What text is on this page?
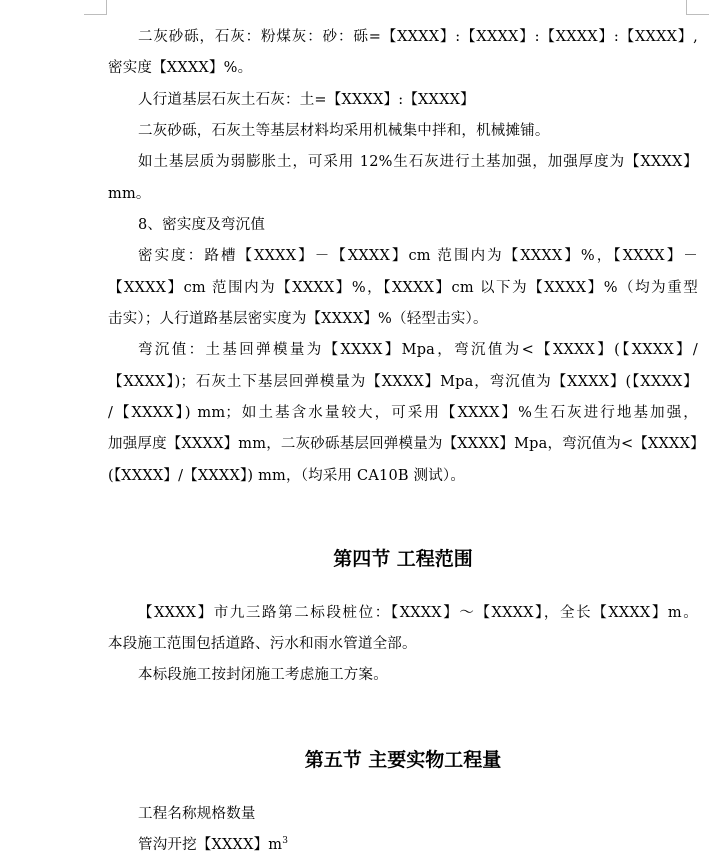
二灰砂砾，石灰：粉煤灰：砂：砾=【XXXX】:【XXXX】:【XXXX】:【XXXX】,
密实度【XXXX】%。
人行道基层石灰土石灰：土=【XXXX】:【XXXX】
二灰砂砾，石灰土等基层材料均采用机械集中拌和，机械摊铺。
如土基层质为弱膨胀土，可采用 12%生石灰进行土基加强，加强厚度为【XXXX】
mm。
8、密实度及弯沉值
密实度：路槽【XXXX】－【XXXX】cm 范围内为【XXXX】%，【XXXX】－
【XXXX】cm 范围内为【XXXX】%，【XXXX】cm 以下为【XXXX】%（均为重型
击实）；人行道路基层密实度为【XXXX】%（轻型击实）。
弯沉值：土基回弹模量为【XXXX】Mpa，弯沉值为<【XXXX】(【XXXX】/
【XXXX】)；石灰土下基层回弹模量为【XXXX】Mpa，弯沉值为【XXXX】(【XXXX】
/【XXXX】) mm；如土基含水量较大，可采用【XXXX】%生石灰进行地基加强，
加强厚度【XXXX】mm，二灰砂砾基层回弹模量为【XXXX】Mpa，弯沉值为<【XXXX】
(【XXXX】/【XXXX】) mm，（均采用 CA10B 测试）。
第四节 工程范围
【XXXX】市九三路第二标段桩位：【XXXX】～【XXXX】，全长【XXXX】m。
本段施工范围包括道路、污水和雨水管道全部。
本标段施工按封闭施工考虑施工方案。
第五节 主要实物工程量
工程名称规格数量
管沟开挖【XXXX】$m^3$
